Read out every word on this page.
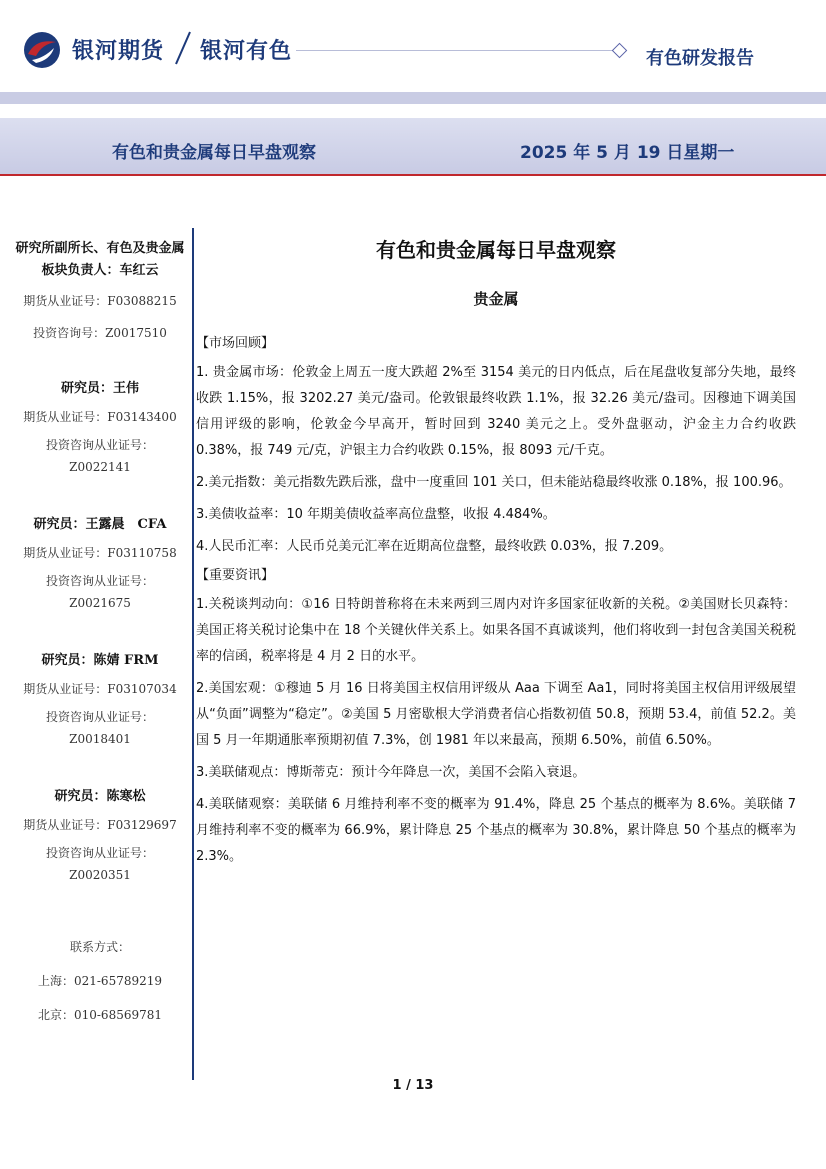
银河期货 银河有色	有色研发报告
有色和贵金属每日早盘观察	2025 年 5 月 19 日星期一
研究所副所长、有色及贵金属板块负责人：车红云
期货从业证号：F03088215
投资咨询号：Z0017510
研究员：王伟
期货从业证号：F03143400
投资咨询从业证号：
Z0022141
研究员：王露晨　CFA
期货从业证号：F03110758
投资咨询从业证号：
Z0021675
研究员：陈婧 FRM
期货从业证号：F03107034
投资咨询从业证号：
Z0018401
研究员：陈寒松
期货从业证号：F03129697
投资咨询从业证号：
Z0020351
联系方式：
上海：021-65789219
北京：010-68569781
有色和贵金属每日早盘观察
贵金属
【市场回顾】

1. 贵金属市场：伦敦金上周五一度大跌超 2%至 3154 美元的日内低点，后在尾盘收复部分失地，最终收跌 1.15%，报 3202.27 美元/盎司。伦敦银最终收跌 1.1%，报 32.26 美元/盎司。因穆迪下调美国信用评级的影响，伦敦金今早高开，暂时回到 3240 美元之上。受外盘驱动，沪金主力合约收跌 0.38%，报 749 元/克，沪银主力合约收跌 0.15%，报 8093 元/千克。

2.美元指数：美元指数先跌后涨，盘中一度重回 101 关口，但未能站稳最终收涨 0.18%，报 100.96。

3.美债收益率：10 年期美债收益率高位盘整，收报 4.484%。

4.人民币汇率：人民币兑美元汇率在近期高位盘整，最终收跌 0.03%，报 7.209。

【重要资讯】

1.关税谈判动向：①16 日特朗普称将在未来两到三周内对许多国家征收新的关税。②美国财长贝森特：美国正将关税讨论集中在 18 个关键伙伴关系上。如果各国不真诚谈判，他们将收到一封包含美国关税税率的信函，税率将是 4 月 2 日的水平。

2.美国宏观：①穆迪 5 月 16 日将美国主权信用评级从 Aaa 下调至 Aa1，同时将美国主权信用评级展望从“负面”调整为“稳定”。②美国 5 月密歇根大学消费者信心指数初值 50.8，预期 53.4，前值 52.2。美国 5 月一年期通胀率预期初值 7.3%，创 1981 年以来最高，预期 6.50%，前值 6.50%。

3.美联储观点：博斯蒂克：预计今年降息一次，美国不会陷入衰退。

4.美联储观察：美联储 6 月维持利率不变的概率为 91.4%，降息 25 个基点的概率为 8.6%。美联储 7 月维持利率不变的概率为 66.9%，累计降息 25 个基点的概率为 30.8%，累计降息 50 个基点的概率为 2.3%。

1 / 13
